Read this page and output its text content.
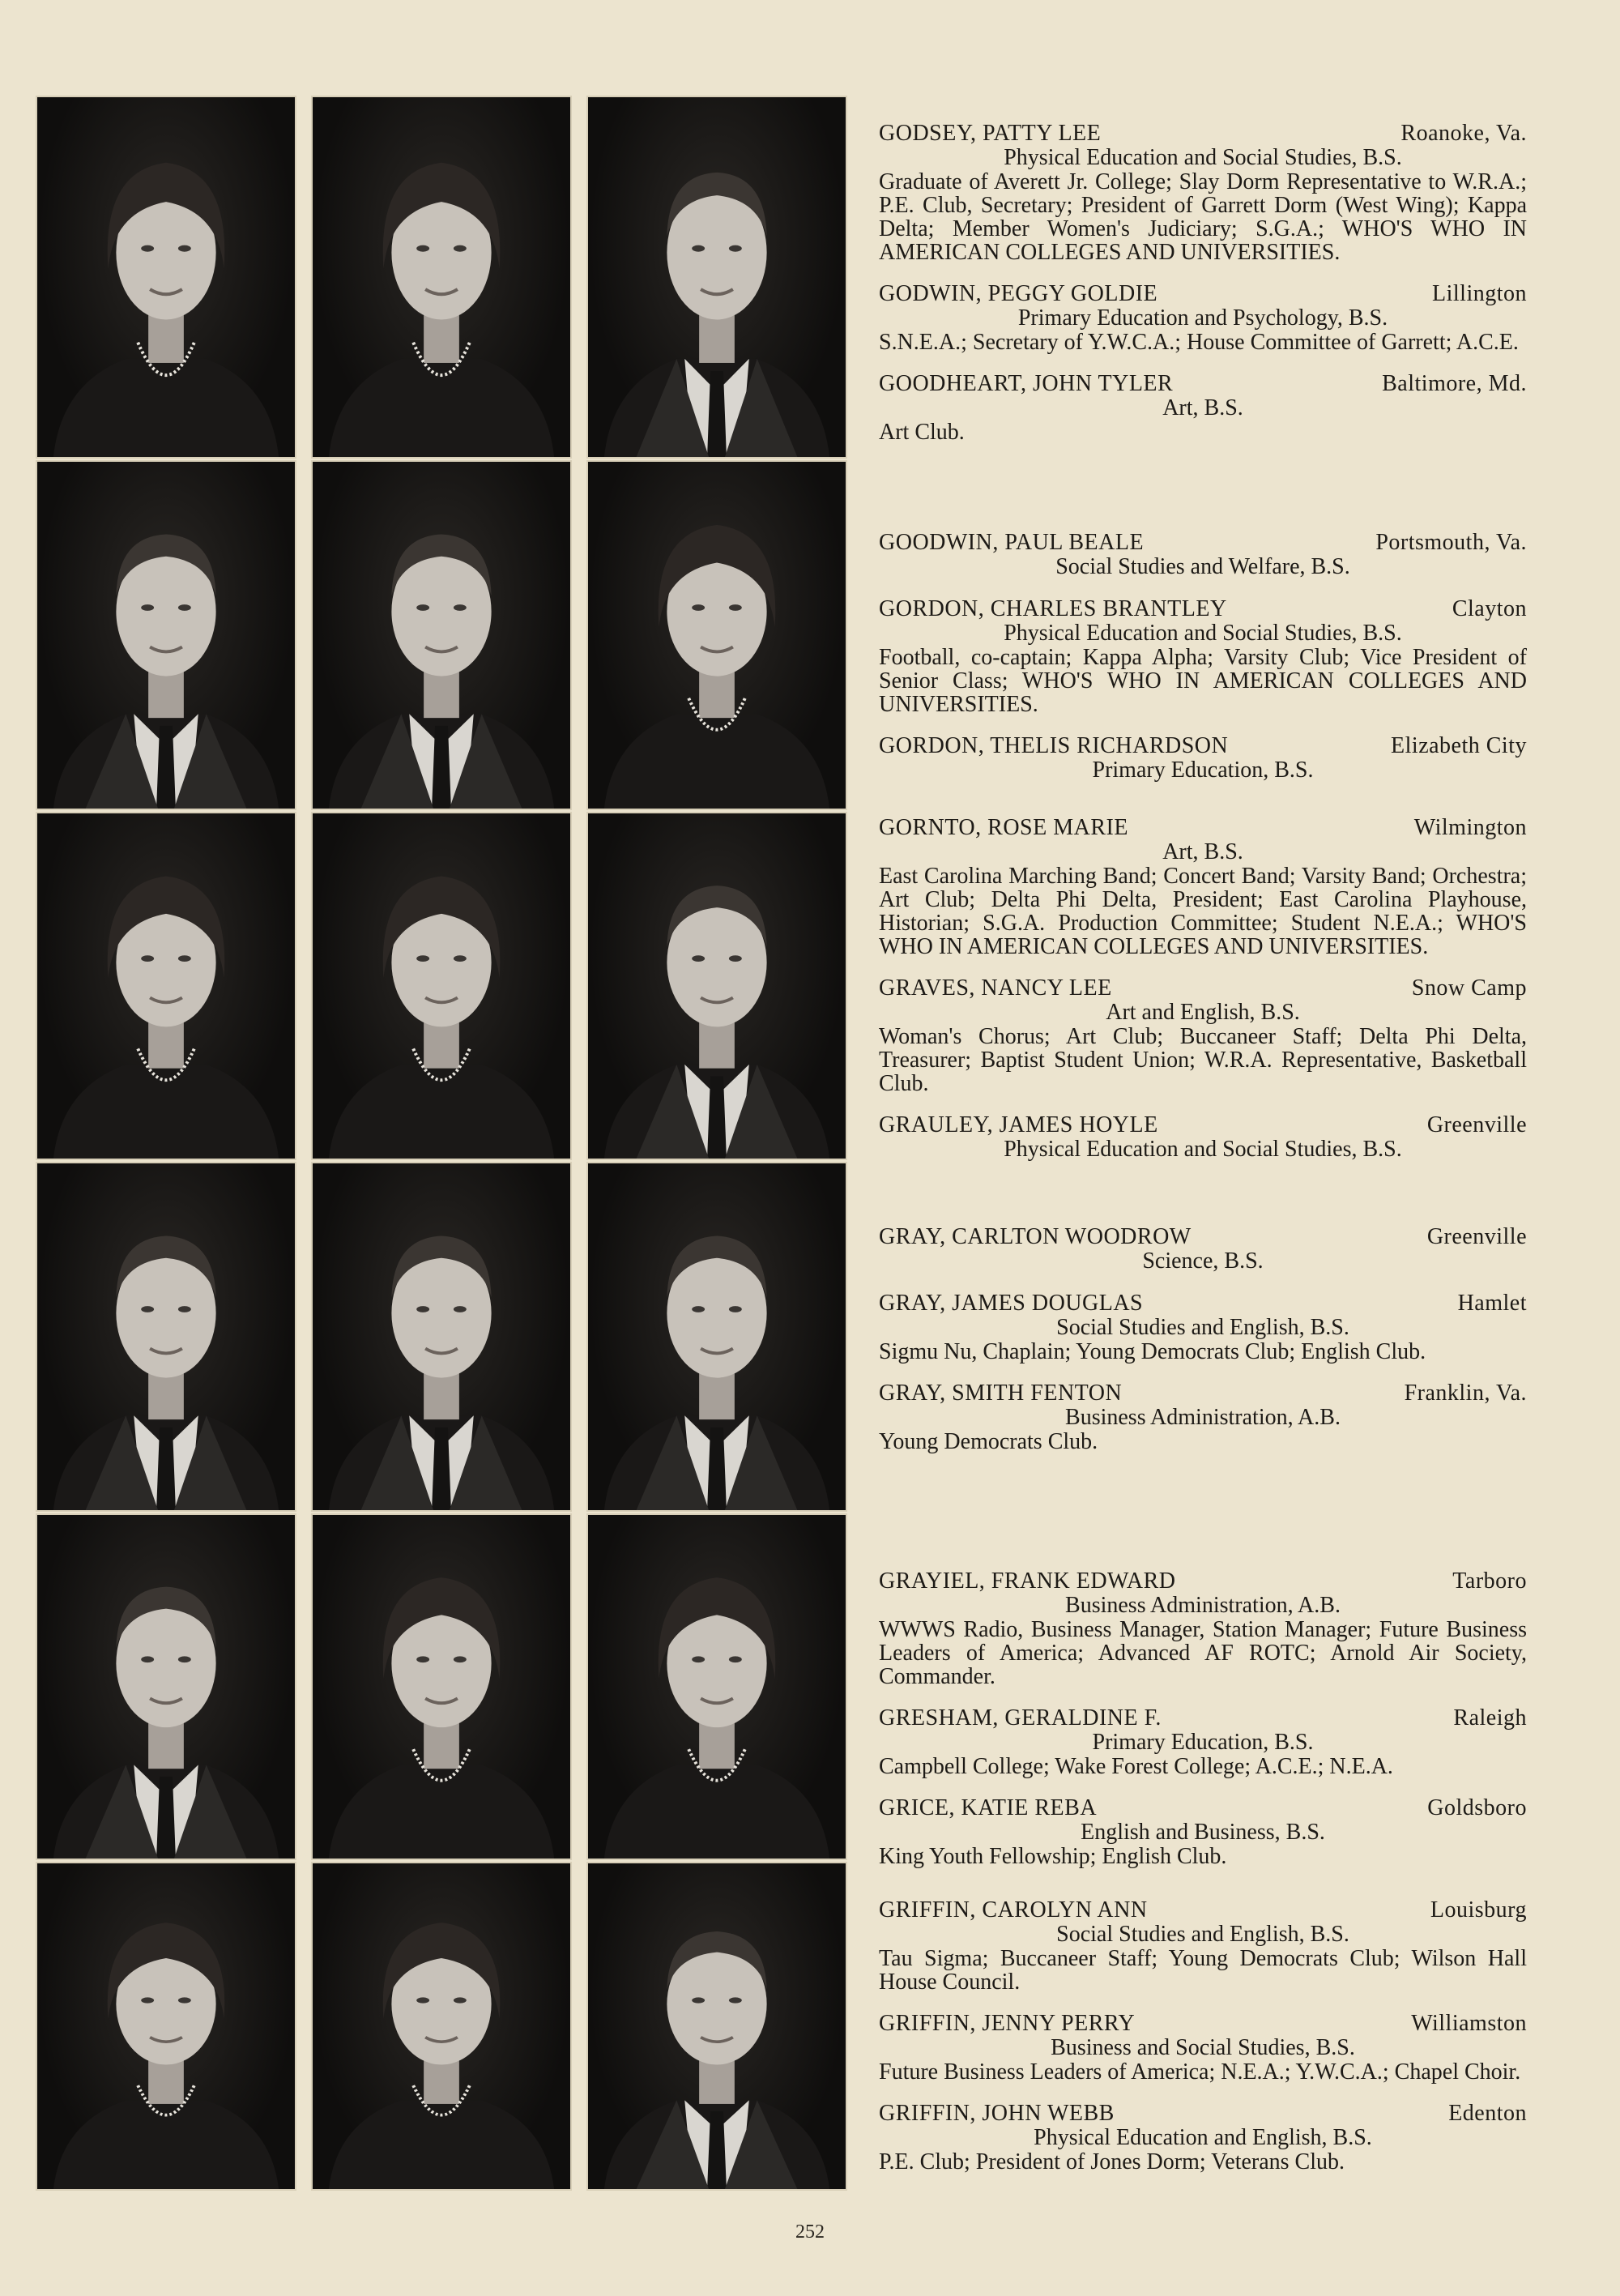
GODSEY, PATTY LEE	Roanoke, Va.
Physical Education and Social Studies, B.S.
Graduate of Averett Jr. College; Slay Dorm Representative to W.R.A.; P.E. Club, Secretary; President of Garrett Dorm (West Wing); Kappa Delta; Member Women's Judiciary; S.G.A.; WHO'S WHO IN AMERICAN COLLEGES AND UNIVERSITIES.
GODWIN, PEGGY GOLDIE	Lillington
Primary Education and Psychology, B.S.
S.N.E.A.; Secretary of Y.W.C.A.; House Committee of Garrett; A.C.E.
GOODHEART, JOHN TYLER	Baltimore, Md.
Art, B.S.
Art Club.
GOODWIN, PAUL BEALE	Portsmouth, Va.
Social Studies and Welfare, B.S.
GORDON, CHARLES BRANTLEY	Clayton
Physical Education and Social Studies, B.S.
Football, co-captain; Kappa Alpha; Varsity Club; Vice President of Senior Class; WHO'S WHO IN AMERICAN COLLEGES AND UNIVERSITIES.
GORDON, THELIS RICHARDSON	Elizabeth City
Primary Education, B.S.
GORNTO, ROSE MARIE	Wilmington
Art, B.S.
East Carolina Marching Band; Concert Band; Varsity Band; Orchestra; Art Club; Delta Phi Delta, President; East Carolina Playhouse, Historian; S.G.A. Production Committee; Student N.E.A.; WHO'S WHO IN AMERICAN COLLEGES AND UNIVERSITIES.
GRAVES, NANCY LEE	Snow Camp
Art and English, B.S.
Woman's Chorus; Art Club; Buccaneer Staff; Delta Phi Delta, Treasurer; Baptist Student Union; W.R.A. Representative, Basketball Club.
GRAULEY, JAMES HOYLE	Greenville
Physical Education and Social Studies, B.S.
GRAY, CARLTON WOODROW	Greenville
Science, B.S.
GRAY, JAMES DOUGLAS	Hamlet
Social Studies and English, B.S.
Sigmu Nu, Chaplain; Young Democrats Club; English Club.
GRAY, SMITH FENTON	Franklin, Va.
Business Administration, A.B.
Young Democrats Club.
GRAYIEL, FRANK EDWARD	Tarboro
Business Administration, A.B.
WWWS Radio, Business Manager, Station Manager; Future Business Leaders of America; Advanced AF ROTC; Arnold Air Society, Commander.
GRESHAM, GERALDINE F.	Raleigh
Primary Education, B.S.
Campbell College; Wake Forest College; A.C.E.; N.E.A.
GRICE, KATIE REBA	Goldsboro
English and Business, B.S.
King Youth Fellowship; English Club.
GRIFFIN, CAROLYN ANN	Louisburg
Social Studies and English, B.S.
Tau Sigma; Buccaneer Staff; Young Democrats Club; Wilson Hall House Council.
GRIFFIN, JENNY PERRY	Williamston
Business and Social Studies, B.S.
Future Business Leaders of America; N.E.A.; Y.W.C.A.; Chapel Choir.
GRIFFIN, JOHN WEBB	Edenton
Physical Education and English, B.S.
P.E. Club; President of Jones Dorm; Veterans Club.
252
